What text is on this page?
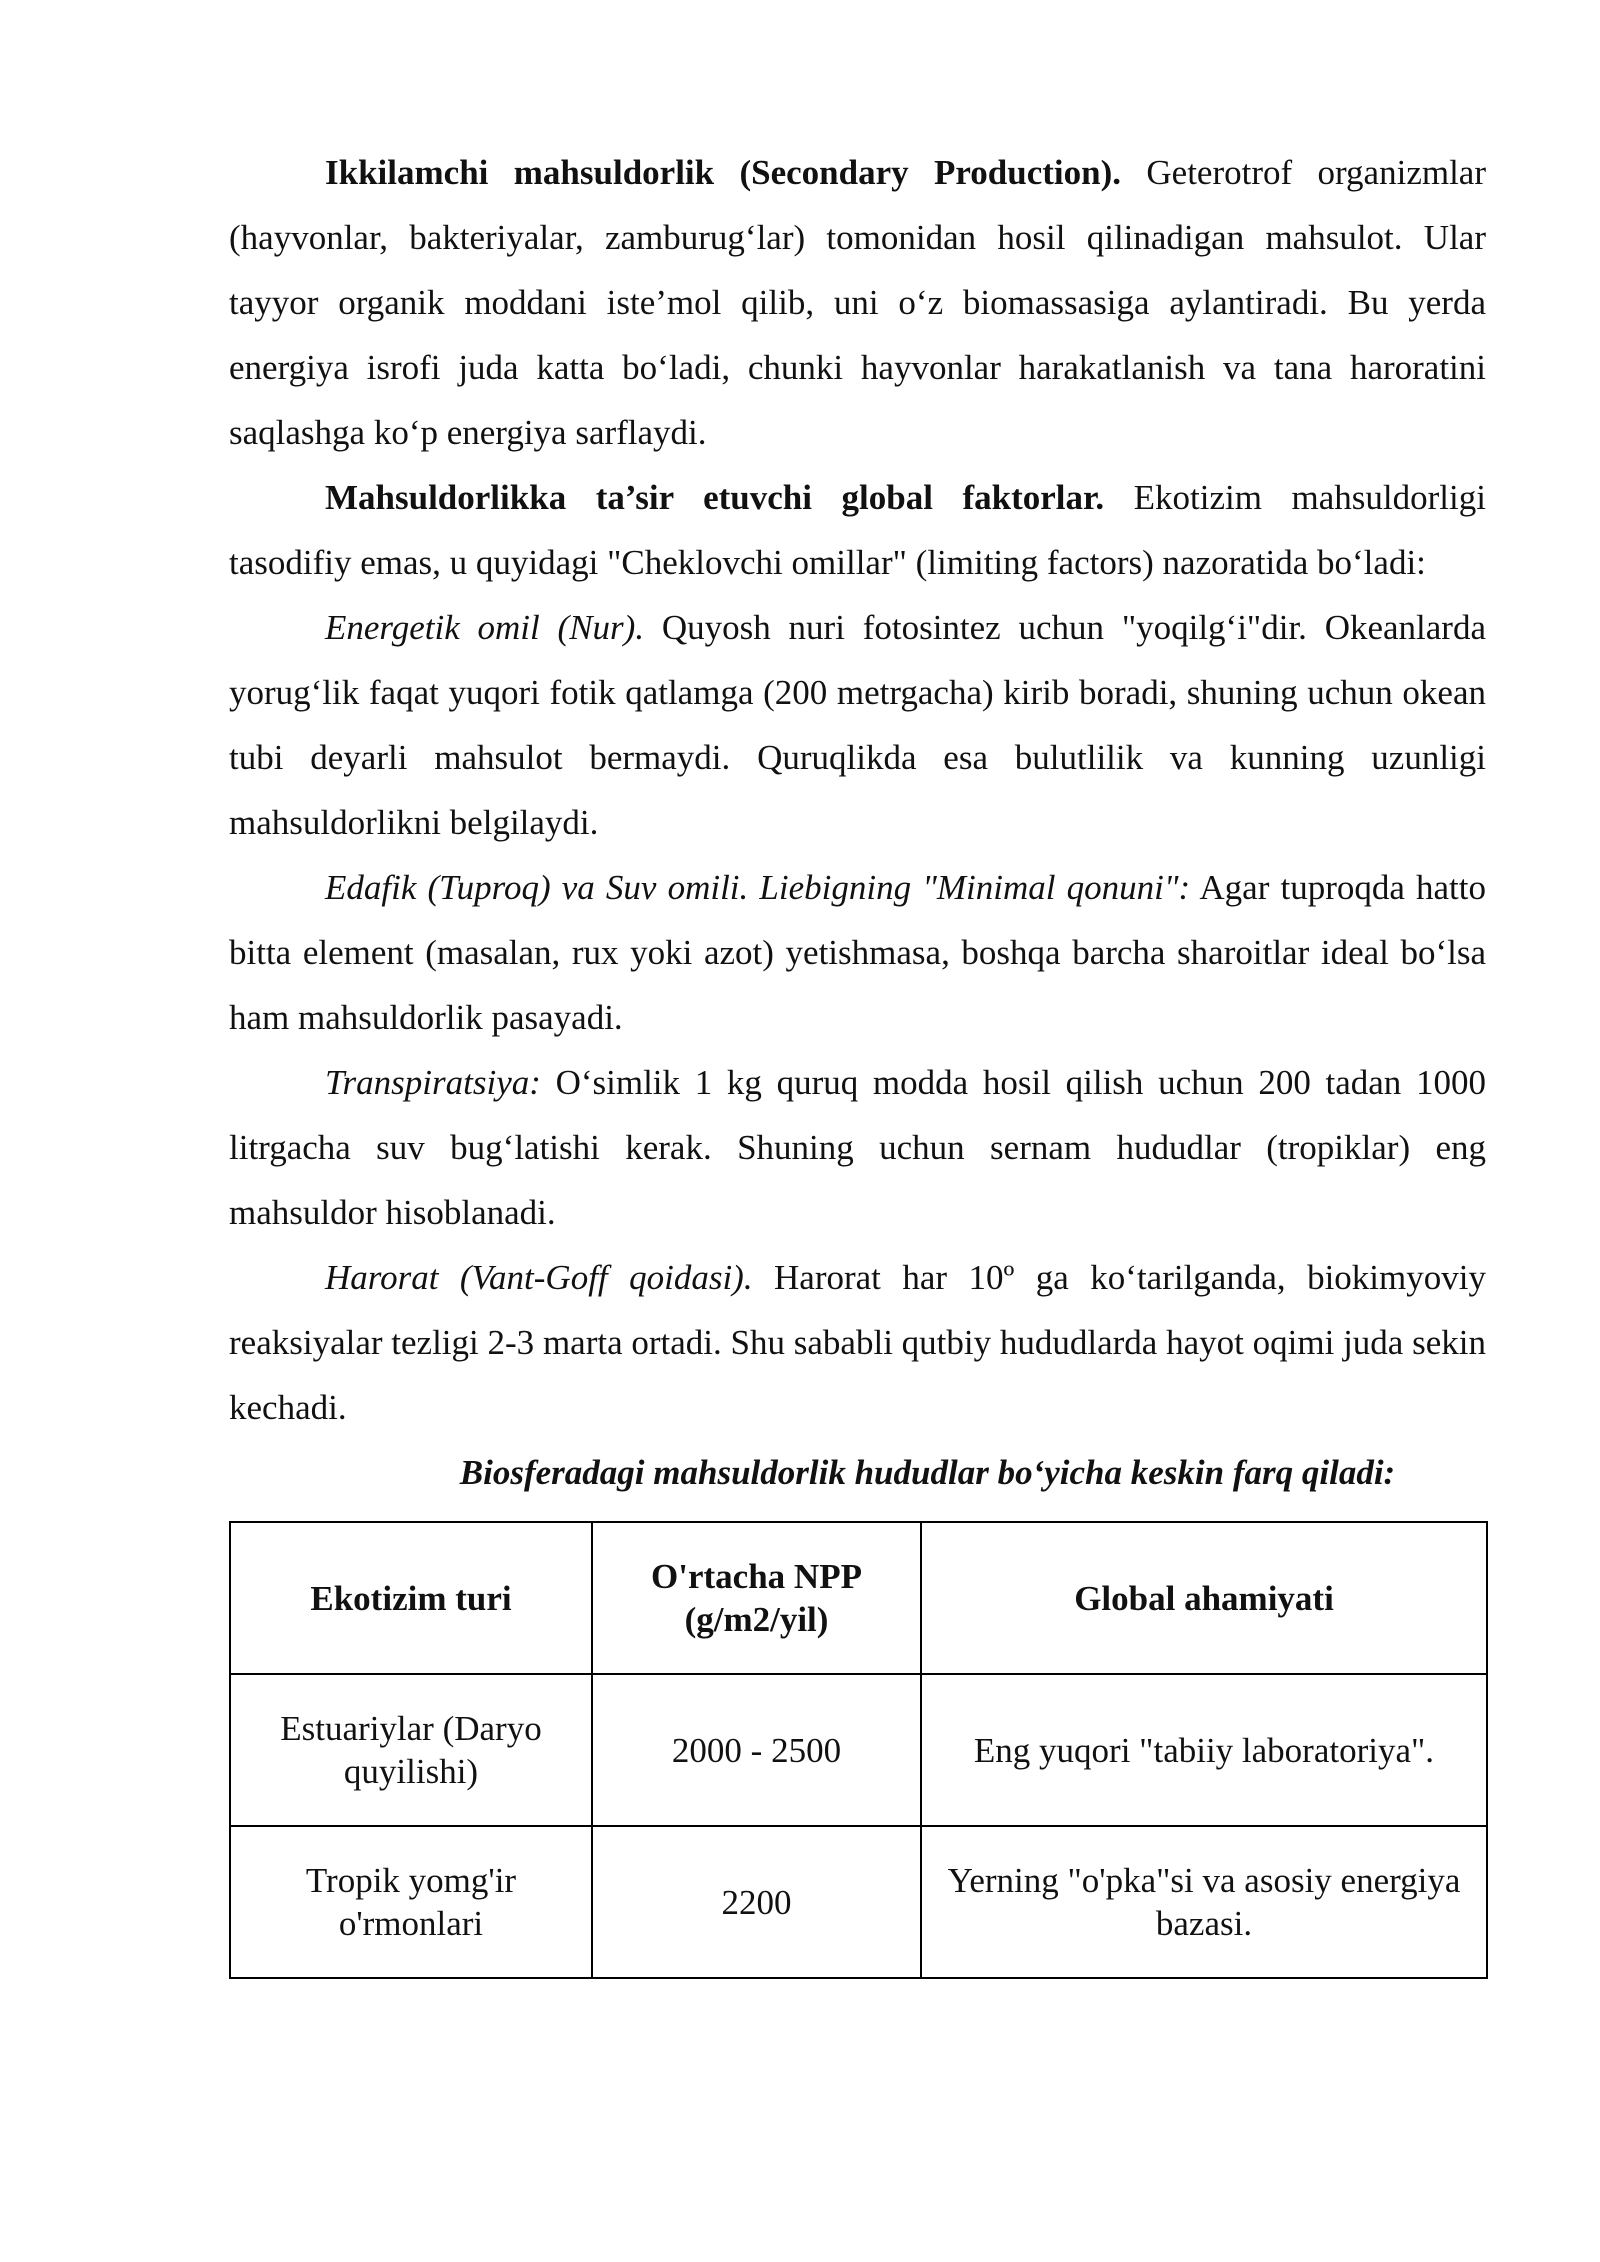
Ikkilamchi mahsuldorlik (Secondary Production). Geterotrof organizmlar (hayvonlar, bakteriyalar, zamburug‘lar) tomonidan hosil qilinadigan mahsulot. Ular tayyor organik moddani iste’mol qilib, uni o‘z biomassasiga aylantiradi. Bu yerda energiya isrofi juda katta bo‘ladi, chunki hayvonlar harakatlanish va tana haroratini saqlashga ko‘p energiya sarflaydi.

Mahsuldorlikka ta’sir etuvchi global faktorlar. Ekotizim mahsuldorligi tasodifiy emas, u quyidagi "Cheklovchi omillar" (limiting factors) nazoratida bo‘ladi:

Energetik omil (Nur). Quyosh nuri fotosintez uchun "yoqilg‘i"dir. Okeanlarda yorug‘lik faqat yuqori fotik qatlamga (200 metrgacha) kirib boradi, shuning uchun okean tubi deyarli mahsulot bermaydi. Quruqlikda esa bulutlilik va kunning uzunligi mahsuldorlikni belgilaydi.

Edafik (Tuproq) va Suv omili. Liebigning "Minimal qonuni": Agar tuproqda hatto bitta element (masalan, rux yoki azot) yetishmasa, boshqa barcha sharoitlar ideal bo‘lsa ham mahsuldorlik pasayadi.

Transpiratsiya: O‘simlik 1 kg quruq modda hosil qilish uchun 200 tadan 1000 litrgacha suv bug‘latishi kerak. Shuning uchun sernam hududlar (tropiklar) eng mahsuldor hisoblanadi.

Harorat (Vant-Goff qoidasi). Harorat har 10º ga ko‘tarilganda, biokimyoviy reaksiyalar tezligi 2-3 marta ortadi. Shu sababli qutbiy hududlarda hayot oqimi juda sekin kechadi.

Biosferadagi mahsuldorlik hududlar bo‘yicha keskin farq qiladi:

Ekotizim turi	O'rtacha NPP (g/m2/yil)	Global ahamiyati
Estuariylar (Daryo quyilishi)	2000 - 2500	Eng yuqori "tabiiy laboratoriya".
Tropik yomg'ir o'rmonlari	2200	Yerning "o'pka"si va asosiy energiya bazasi.
